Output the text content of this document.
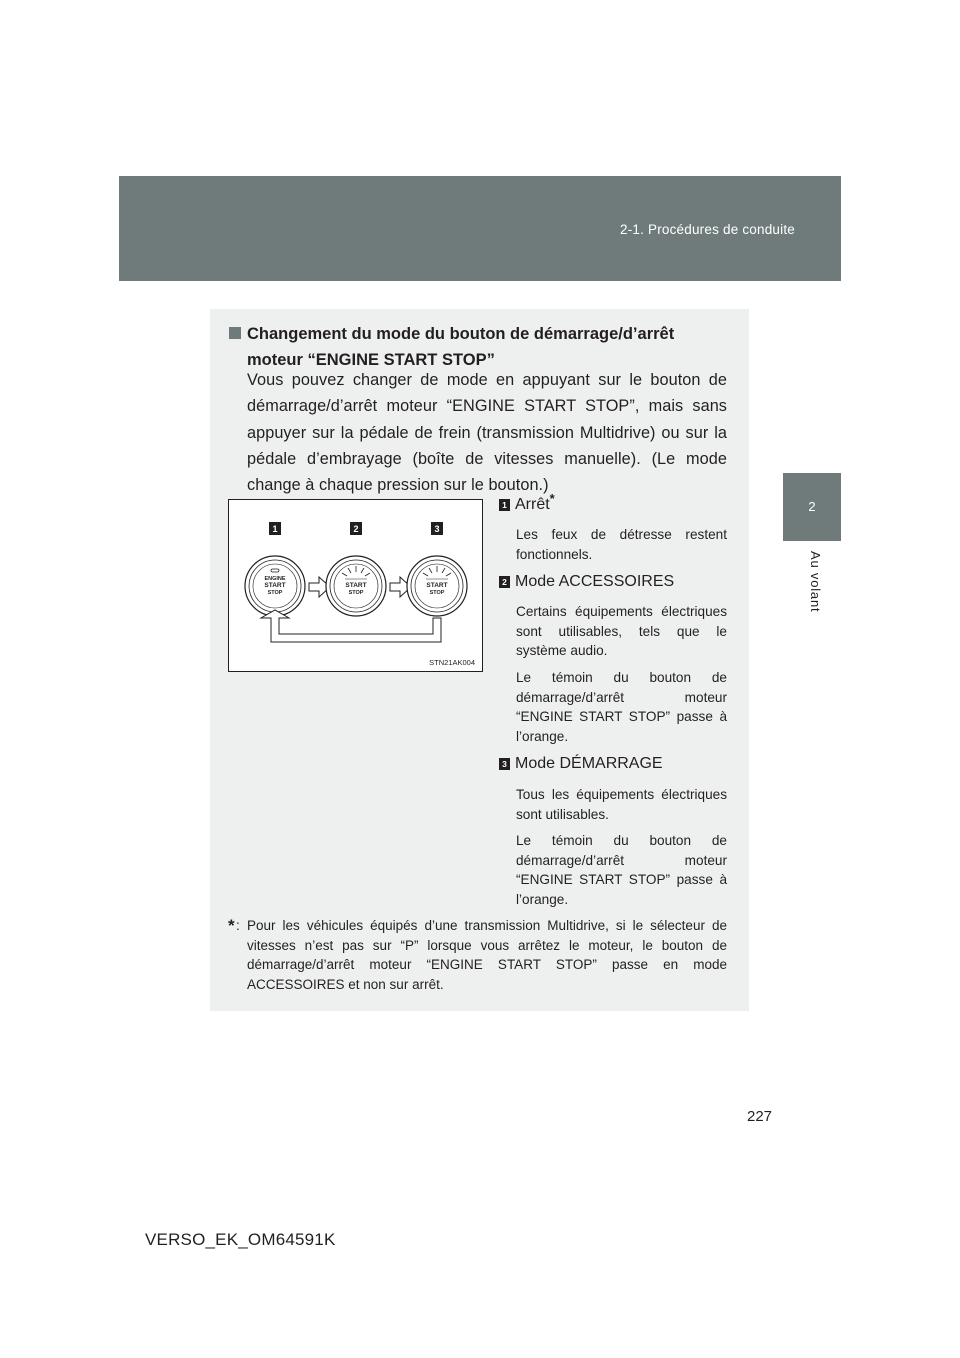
2-1. Procédures de conduite
2
Au volant
Changement du mode du bouton de démarrage/d’arrêt
moteur “ENGINE START STOP”
Vous pouvez changer de mode en appuyant sur le bouton de démarrage/d’arrêt moteur “ENGINE START STOP”, mais sans appuyer sur la pédale de frein (transmission Multidrive) ou sur la pédale d’embrayage (boîte de vitesses manuelle). (Le mode change à chaque pression sur le bouton.)
1	2	3
ENGINE
START
STOP
START
STOP
START
STOP
STN21AK004
1 Arrêt*
Les feux de détresse restent fonctionnels.
2 Mode ACCESSOIRES
Certains équipements électriques sont utilisables, tels que le système audio.
Le témoin du bouton de démarrage/d’arrêt moteur “ENGINE START STOP” passe à l’orange.
3 Mode DÉMARRAGE
Tous les équipements électriques sont utilisables.
Le témoin du bouton de démarrage/d’arrêt moteur “ENGINE START STOP” passe à l’orange.
* : Pour les véhicules équipés d’une transmission Multidrive, si le sélecteur de vitesses n’est pas sur “P” lorsque vous arrêtez le moteur, le bouton de démarrage/d’arrêt moteur “ENGINE START STOP” passe en mode ACCESSOIRES et non sur arrêt.
227
VERSO_EK_OM64591K
